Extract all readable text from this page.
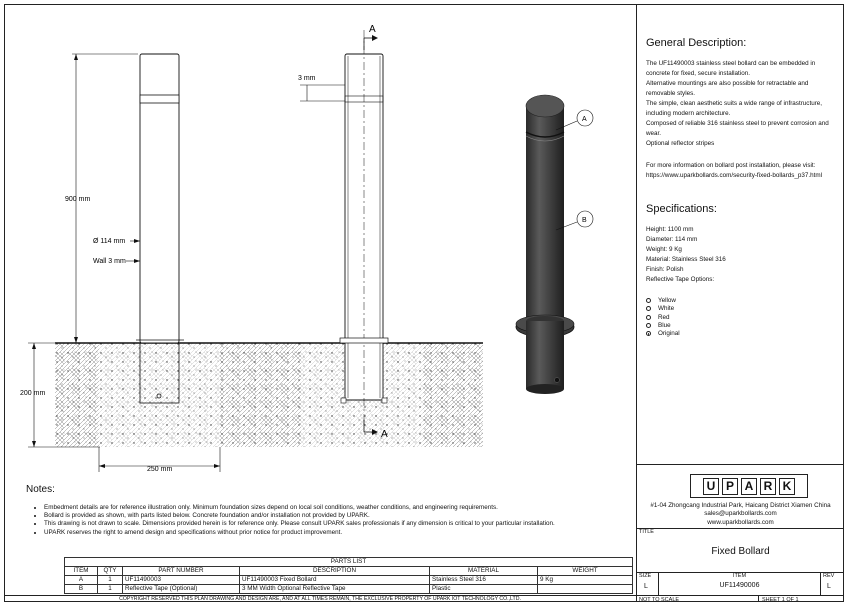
A
A
900 mm
Ø 114 mm
Wall 3 mm
200 mm
250 mm
3 mm
A
B
General Description:

The UF11490003 stainless steel bollard can be embedded in concrete for fixed, secure installation.

Alternative mountings are also possible for retractable and removable styles.

The simple, clean aesthetic suits a wide range of infrastructure, including modern architecture.

Composed of reliable 316 stainless steel to prevent corrosion and wear.

Optional reflector stripes

For more information on bollard post installation, please visit:
https://www.uparkbollards.com/security-fixed-bollards_p37.html
Specifications:
Height: 1100 mm
Diameter: 114 mm
Weight: 9 Kg
Material: Stainless Steel 316
Finish: Polish
Reflective Tape Options:
Yellow
White
Red
Blue
Original
U P A R K
#1-04 Zhongcang Industrial Park, Haicang District Xiamen China
sales@uparkbollards.com
www.uparkbollards.com
TITLE
Fixed Bollard
SIZE
L
ITEM
UF11490006
REV
L
NOT TO SCALE	SHEET 1 OF 1
Notes:
• Embedment details are for reference illustration only. Minimum foundation sizes depend on local soil conditions, weather conditions, and engineering requirements.
• Bollard is provided as shown, with parts listed below. Concrete foundation and/or installation not provided by UPARK.
• This drawing is not drawn to scale. Dimensions provided herein is for reference only. Please consult UPARK sales professionals if any dimension is critical to your particular installation.
• UPARK reserves the right to amend design and specifications without prior notice for product improvement.
PARTS LIST					
ITEM	QTY	PART NUMBER	DESCRIPTION	MATERIAL	WEIGHT
A	1	UF11490003	UF11490003 Fixed Bollard	Stainless Steel 316	9 Kg
B	1	Reflective Tape (Optional)	3 MM Width Optional Reflective Tape	Plastic	
COPYRIGHT RESERVED THIS PLAN DRAWING AND DESIGN ARE, AND AT ALL TIMES REMAIN, THE EXCLUSIVE PROPERTY OF UPARK IOT TECHNOLOGY CO.,LTD.
